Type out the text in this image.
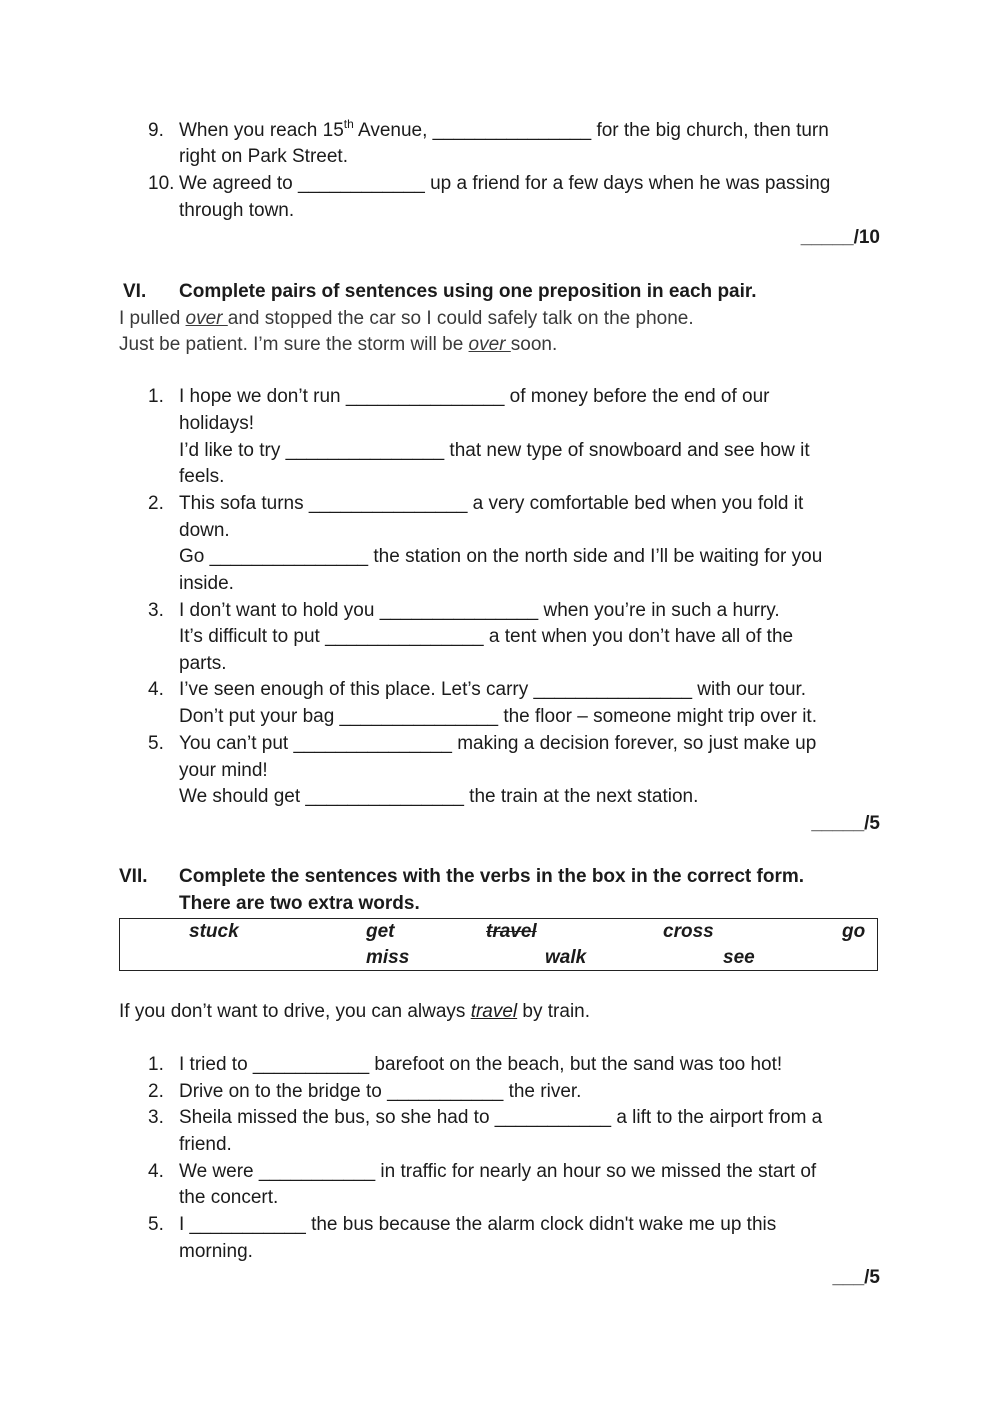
9. When you reach 15th Avenue, _______________ for the big church, then turn
right on Park Street.
10. We agreed to ____________ up a friend for a few days when he was passing
through town.
_____/10
VI. Complete pairs of sentences using one preposition in each pair.
I pulled over and stopped the car so I could safely talk on the phone.
Just be patient. I’m sure the storm will be over soon.
1. I hope we don’t run _______________ of money before the end of our
holidays!
I’d like to try _______________ that new type of snowboard and see how it
feels.
2. This sofa turns _______________ a very comfortable bed when you fold it
down.
Go _______________ the station on the north side and I’ll be waiting for you
inside.
3. I don’t want to hold you _______________ when you’re in such a hurry.
It’s difficult to put _______________ a tent when you don’t have all of the
parts.
4. I’ve seen enough of this place. Let’s carry _______________ with our tour.
Don’t put your bag _______________ the floor – someone might trip over it.
5. You can’t put _______________ making a decision forever, so just make up
your mind!
We should get _______________ the train at the next station.
_____/5
VII. Complete the sentences with the verbs in the box in the correct form.
There are two extra words.
stuck	get	travel	cross	go
miss	walk	see
If you don’t want to drive, you can always travel by train.
1. I tried to ___________ barefoot on the beach, but the sand was too hot!
2. Drive on to the bridge to ___________ the river.
3. Sheila missed the bus, so she had to ___________ a lift to the airport from a
friend.
4. We were ___________ in traffic for nearly an hour so we missed the start of
the concert.
5. I ___________ the bus because the alarm clock didn't wake me up this
morning.
___/5
